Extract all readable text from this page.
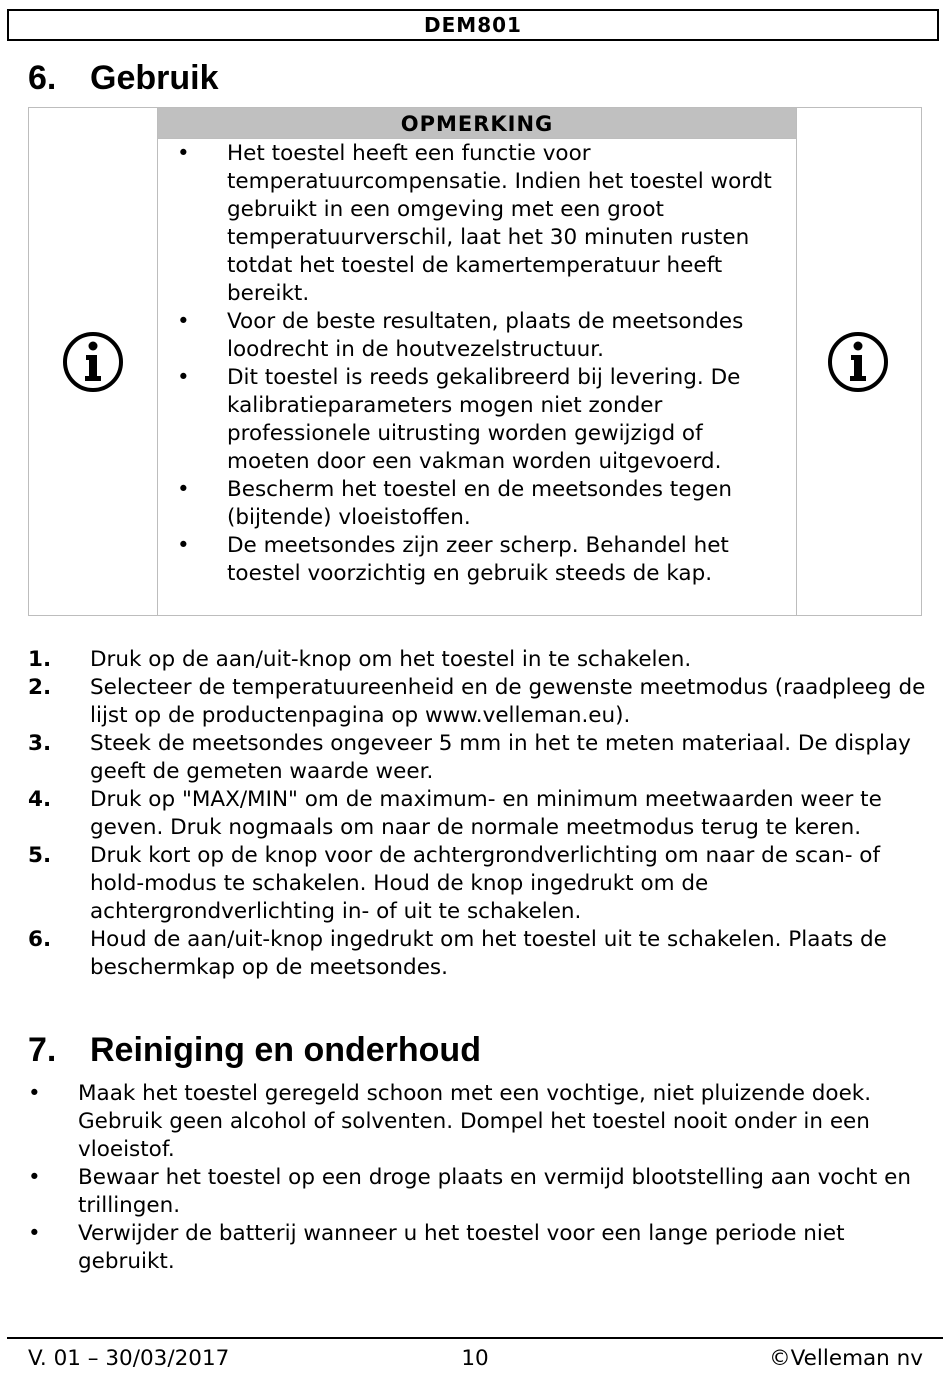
DEM801
6. Gebruik
OPMERKING
• Het toestel heeft een functie voor temperatuurcompensatie. Indien het toestel wordt gebruikt in een omgeving met een groot temperatuurverschil, laat het 30 minuten rusten totdat het toestel de kamertemperatuur heeft bereikt.
• Voor de beste resultaten, plaats de meetsondes loodrecht in de houtvezelstructuur.
• Dit toestel is reeds gekalibreerd bij levering. De kalibratieparameters mogen niet zonder professionele uitrusting worden gewijzigd of moeten door een vakman worden uitgevoerd.
• Bescherm het toestel en de meetsondes tegen (bijtende) vloeistoffen.
• De meetsondes zijn zeer scherp. Behandel het toestel voorzichtig en gebruik steeds de kap.
1. Druk op de aan/uit-knop om het toestel in te schakelen.
2. Selecteer de temperatuureenheid en de gewenste meetmodus (raadpleeg de lijst op de productenpagina op www.velleman.eu).
3. Steek de meetsondes ongeveer 5 mm in het te meten materiaal. De display geeft de gemeten waarde weer.
4. Druk op "MAX/MIN" om de maximum- en minimum meetwaarden weer te geven. Druk nogmaals om naar de normale meetmodus terug te keren.
5. Druk kort op de knop voor de achtergrondverlichting om naar de scan- of hold-modus te schakelen. Houd de knop ingedrukt om de achtergrondverlichting in- of uit te schakelen.
6. Houd de aan/uit-knop ingedrukt om het toestel uit te schakelen. Plaats de beschermkap op de meetsondes.
7. Reiniging en onderhoud
• Maak het toestel geregeld schoon met een vochtige, niet pluizende doek. Gebruik geen alcohol of solventen. Dompel het toestel nooit onder in een vloeistof.
• Bewaar het toestel op een droge plaats en vermijd blootstelling aan vocht en trillingen.
• Verwijder de batterij wanneer u het toestel voor een lange periode niet gebruikt.
10
V. 01 – 30/03/2017	©Velleman nv
